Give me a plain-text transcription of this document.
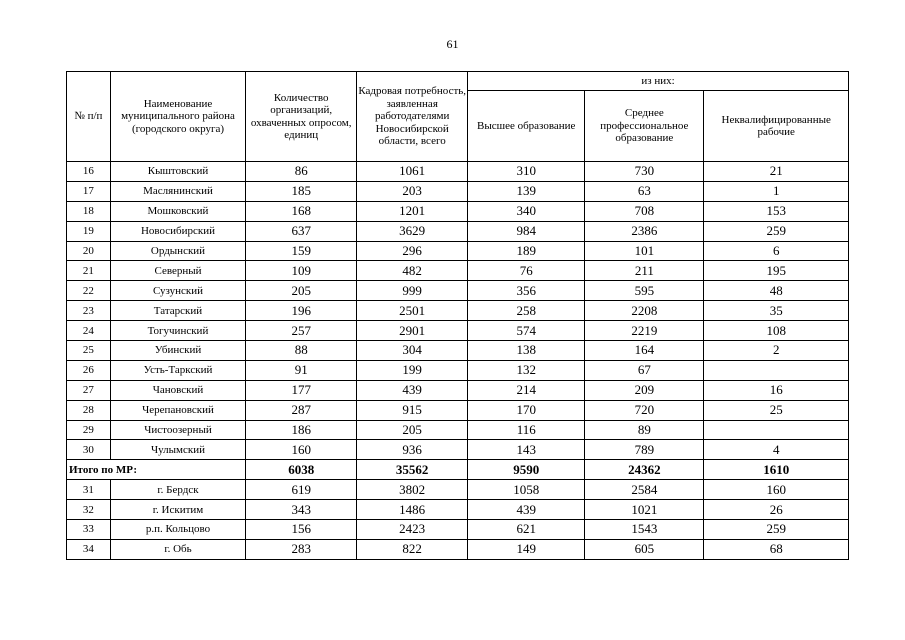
61
№ п/п	Наименование муниципального района (городского округа)	Количество организаций, охваченных опросом, единиц	Кадровая потребность, заявленная работодателями Новосибирской области, всего	из них:		
				Высшее образование	Среднее профессиональное образование	Неквалифицированные рабочие
16	Кыштовский	86	1061	310	730	21
17	Маслянинский	185	203	139	63	1
18	Мошковский	168	1201	340	708	153
19	Новосибирский	637	3629	984	2386	259
20	Ордынский	159	296	189	101	6
21	Северный	109	482	76	211	195
22	Сузунский	205	999	356	595	48
23	Татарский	196	2501	258	2208	35
24	Тогучинский	257	2901	574	2219	108
25	Убинский	88	304	138	164	2
26	Усть-Таркский	91	199	132	67	
27	Чановский	177	439	214	209	16
28	Черепановский	287	915	170	720	25
29	Чистоозерный	186	205	116	89	
30	Чулымский	160	936	143	789	4
Итого по МР:		6038	35562	9590	24362	1610
31	г. Бердск	619	3802	1058	2584	160
32	г. Искитим	343	1486	439	1021	26
33	р.п. Кольцово	156	2423	621	1543	259
34	г. Обь	283	822	149	605	68
